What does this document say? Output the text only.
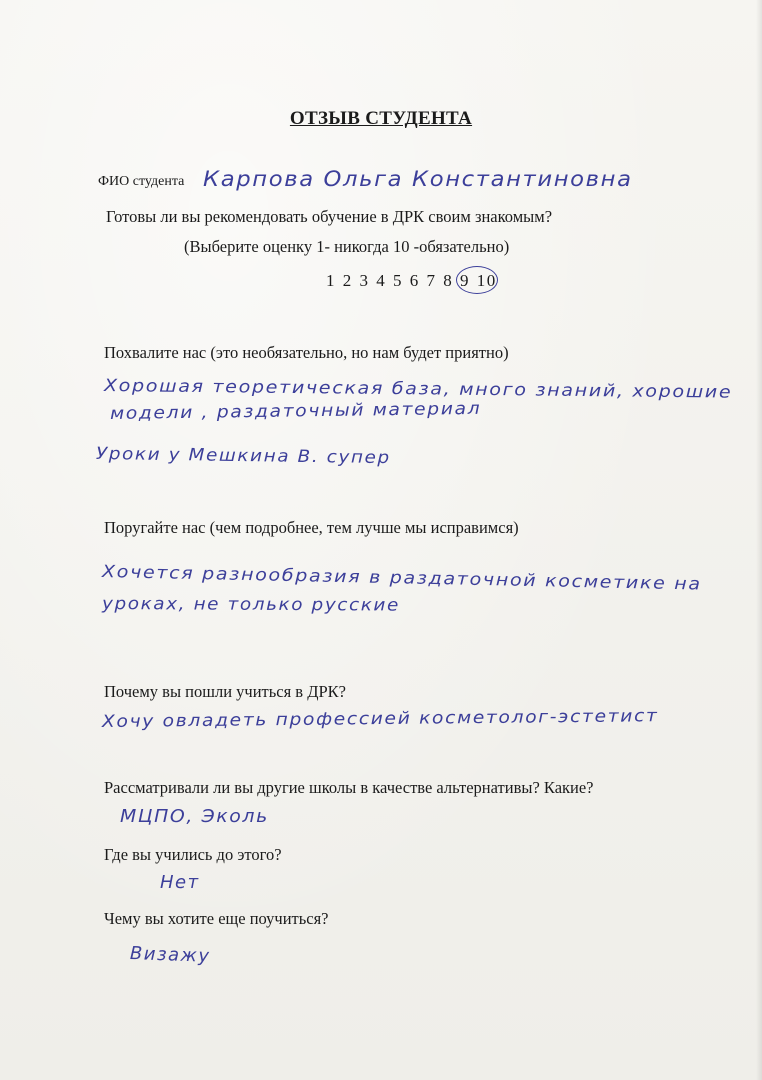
ОТЗЫВ СТУДЕНТА
ФИО студента Карпова Ольга Константиновна
Готовы ли вы рекомендовать обучение в ДРК своим знакомым?
(Выберите оценку 1- никогда 10 -обязательно)
1 2 3 4 5 6 7 8 9 10
Похвалите нас (это необязательно, но нам будет приятно)
Хорошая теоретическая база, много знаний, хорошие
модели , раздаточный материал
Уроки у Мешкина В. супер
Поругайте нас (чем подробнее, тем лучше мы исправимся)
Хочется разнообразия в раздаточной косметике на
уроках, не только русские
Почему вы пошли учиться в ДРК?
Хочу овладеть профессией косметолог-эстетист
Рассматривали ли вы другие школы в качестве альтернативы? Какие?
МЦПО, Эколь
Где вы учились до этого?
Нет
Чему вы хотите еще поучиться?
Визажу
